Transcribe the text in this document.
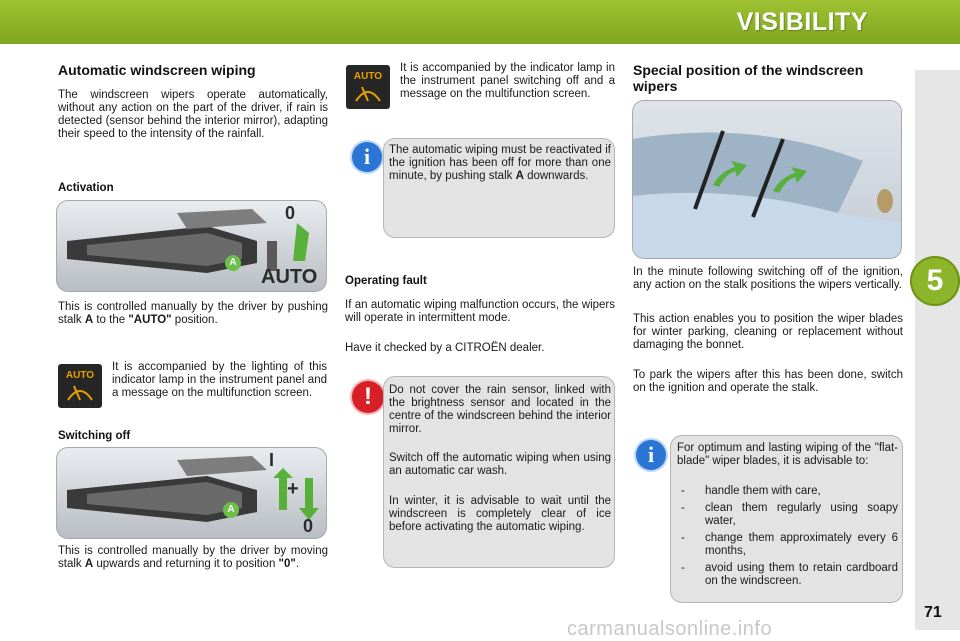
VISIBILITY
5
Automatic windscreen wiping

The windscreen wipers operate automatically, without any action on the part of the driver, if rain is detected (sensor behind the interior mirror), adapting their speed to the intensity of the rainfall.

Activation
0
AUTO
A

This is controlled manually by the driver by pushing stalk A to the "AUTO" position.

AUTO

It is accompanied by the lighting of this indicator lamp in the instrument panel and a message on the multifunction screen.

Switching off
I
+
0
A

This is controlled manually by the driver by moving stalk A upwards and returning it to position "0".

AUTO

It is accompanied by the indicator lamp in the instrument panel switching off and a message on the multifunction screen.

i	The automatic wiping must be reactivated if the ignition has been off for more than one minute, by pushing stalk A downwards.

Operating fault

If an automatic wiping malfunction occurs, the wipers will operate in intermittent mode.

Have it checked by a CITROËN dealer.

!	Do not cover the rain sensor, linked with the brightness sensor and located in the centre of the windscreen behind the interior mirror.

Switch off the automatic wiping when using an automatic car wash.

In winter, it is advisable to wait until the windscreen is completely clear of ice before activating the automatic wiping.

Special position of the windscreen wipers

In the minute following switching off of the ignition, any action on the stalk positions the wipers vertically.

This action enables you to position the wiper blades for winter parking, cleaning or replacement without damaging the bonnet.

To park the wipers after this has been done, switch on the ignition and operate the stalk.

i	For optimum and lasting wiping of the "flat-blade" wiper blades, it is advisable to:

- handle them with care,
- clean them regularly using soapy water,
- change them approximately every 6 months,
- avoid using them to retain cardboard on the windscreen.
71
carmanualsonline.info
